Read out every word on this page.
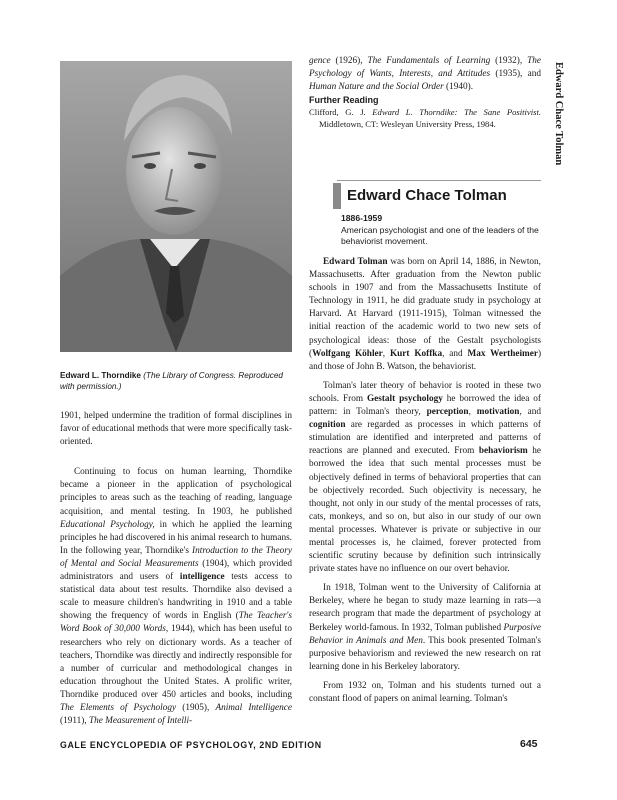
Edward L. Thorndike (The Library of Congress. Reproduced with permission.)

1901, helped undermine the tradition of formal disciplines in favor of educational methods that were more specifically task-oriented.

Continuing to focus on human learning, Thorndike became a pioneer in the application of psychological principles to areas such as the teaching of reading, language acquisition, and mental testing. In 1903, he published Educational Psychology, in which he applied the learning principles he had discovered in his animal research to humans. In the following year, Thorndike's Introduction to the Theory of Mental and Social Measurements (1904), which provided administrators and users of intelligence tests access to statistical data about test results. Thorndike also devised a scale to measure children's handwriting in 1910 and a table showing the frequency of words in English (The Teacher's Word Book of 30,000 Words, 1944), which has been useful to researchers who rely on dictionary words. As a teacher of teachers, Thorndike was directly and indirectly responsible for a number of curricular and methodological changes in education throughout the United States. A prolific writer, Thorndike produced over 450 articles and books, including The Elements of Psychology (1905), Animal Intelligence (1911), The Measurement of Intelli-

gence (1926), The Fundamentals of Learning (1932), The Psychology of Wants, Interests, and Attitudes (1935), and Human Nature and the Social Order (1940).

Further Reading

Clifford, G. J. Edward L. Thorndike: The Sane Positivist. Middletown, CT: Wesleyan University Press, 1984.

Edward Chace Tolman
1886-1959
American psychologist and one of the leaders of the behaviorist movement.

Edward Tolman was born on April 14, 1886, in Newton, Massachusetts. After graduation from the Newton public schools in 1907 and from the Massachusetts Institute of Technology in 1911, he did graduate study in psychology at Harvard. At Harvard (1911-1915), Tolman witnessed the initial reaction of the academic world to two new sets of psychological ideas: those of the Gestalt psychologists (Wolfgang Köhler, Kurt Koffka, and Max Wertheimer) and those of John B. Watson, the behaviorist.

Tolman's later theory of behavior is rooted in these two schools. From Gestalt psychology he borrowed the idea of pattern: in Tolman's theory, perception, motivation, and cognition are regarded as processes in which patterns of stimulation are identified and interpreted and patterns of reactions are planned and executed. From behaviorism he borrowed the idea that such mental processes must be objectively defined in terms of behavioral properties that can be objectively recorded. Such objectivity is necessary, he thought, not only in our study of the mental processes of rats, cats, monkeys, and so on, but also in our study of our own mental processes. Whatever is private or subjective in our mental processes is, he claimed, forever protected from scientific scrutiny because by definition such intrinsically private states have no influence on our overt behavior.

In 1918, Tolman went to the University of California at Berkeley, where he began to study maze learning in rats—a research program that made the department of psychology at Berkeley world-famous. In 1932, Tolman published Purposive Behavior in Animals and Men. This book presented Tolman's purposive behaviorism and reviewed the new research on rat learning done in his Berkeley laboratory.

From 1932 on, Tolman and his students turned out a constant flood of papers on animal learning. Tolman's

Edward Chace Tolman
GALE ENCYCLOPEDIA OF PSYCHOLOGY, 2ND EDITION	645
